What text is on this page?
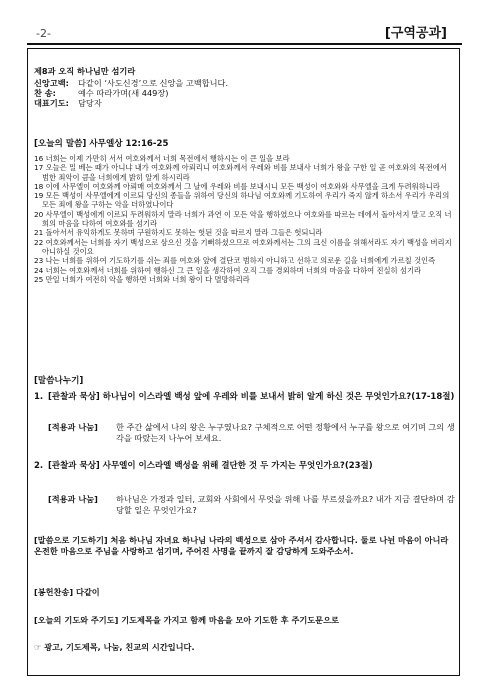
-2-	[구역공과]
제8과 오직 하나님만 섬기라
신앙고백:	다같이 ‘사도신경’으로 신앙을 고백합니다.
찬 송:	예수 따라가며(새 449장)
대표기도:	담당자
[오늘의 말씀] 사무엘상 12:16-25
16 너희는 이제 가만히 서서 여호와께서 너희 목전에서 행하시는 이 큰 일을 보라
17 오늘은 밀 베는 때가 아니냐 내가 여호와께 아뢰리니 여호와께서 우레와 비를 보내사 너희가 왕을 구한 일 곧 여호와의 목전에서 범한 죄악이 큼을 너희에게 밝히 알게 하시리라
18 이에 사무엘이 여호와께 아뢰매 여호와께서 그 날에 우레와 비를 보내시니 모든 백성이 여호와와 사무엘을 크게 두려워하니라
19 모든 백성이 사무엘에게 이르되 당신의 종들을 위하여 당신의 하나님 여호와께 기도하여 우리가 죽지 않게 하소서 우리가 우리의 모든 죄에 왕을 구하는 악을 더하였나이다
20 사무엘이 백성에게 이르되 두려워하지 말라 너희가 과연 이 모든 악을 행하였으나 여호와를 따르는 데에서 돌아서지 말고 오직 너희의 마음을 다하여 여호와를 섬기라
21 돌아서서 유익하게도 못하며 구원하지도 못하는 헛된 것을 따르지 말라 그들은 헛되니라
22 여호와께서는 너희를 자기 백성으로 삼으신 것을 기뻐하셨으므로 여호와께서는 그의 크신 이름을 위해서라도 자기 백성을 버리지 아니하실 것이요
23 나는 너희를 위하여 기도하기를 쉬는 죄를 여호와 앞에 결단코 범하지 아니하고 선하고 의로운 길을 너희에게 가르칠 것인즉
24 너희는 여호와께서 너희를 위하여 행하신 그 큰 일을 생각하여 오직 그를 경외하며 너희의 마음을 다하여 진실히 섬기라
25 만일 너희가 여전히 악을 행하면 너희와 너희 왕이 다 멸망하리라
[말씀나누기]
1. [관찰과 묵상] 하나님이 이스라엘 백성 앞에 우레와 비를 보내서 밝히 알게 하신 것은 무엇인가요?(17-18절)
[적용과 나눔]	한 주간 삶에서 나의 왕은 누구였나요? 구체적으로 어떤 정황에서 누구를 왕으로 여기며 그의 생각을 따랐는지 나누어 보세요.
2. [관찰과 묵상] 사무엘이 이스라엘 백성을 위해 결단한 것 두 가지는 무엇인가요?(23절)
[적용과 나눔]	하나님은 가정과 일터, 교회와 사회에서 무엇을 위해 나를 부르셨을까요? 내가 지금 결단하며 감당할 일은 무엇인가요?
[말씀으로 기도하기] 처음 하나님 자녀요 하나님 나라의 백성으로 삼아 주셔서 감사합니다. 둘로 나뉜 마음이 아니라 온전한 마음으로 주님을 사랑하고 섬기며, 주어진 사명을 끝까지 잘 감당하게 도와주소서.
[봉헌찬송] 다같이
[오늘의 기도와 주기도] 기도제목을 가지고 함께 마음을 모아 기도한 후 주기도문으로
☞ 광고, 기도제목, 나눔, 친교의 시간입니다.
